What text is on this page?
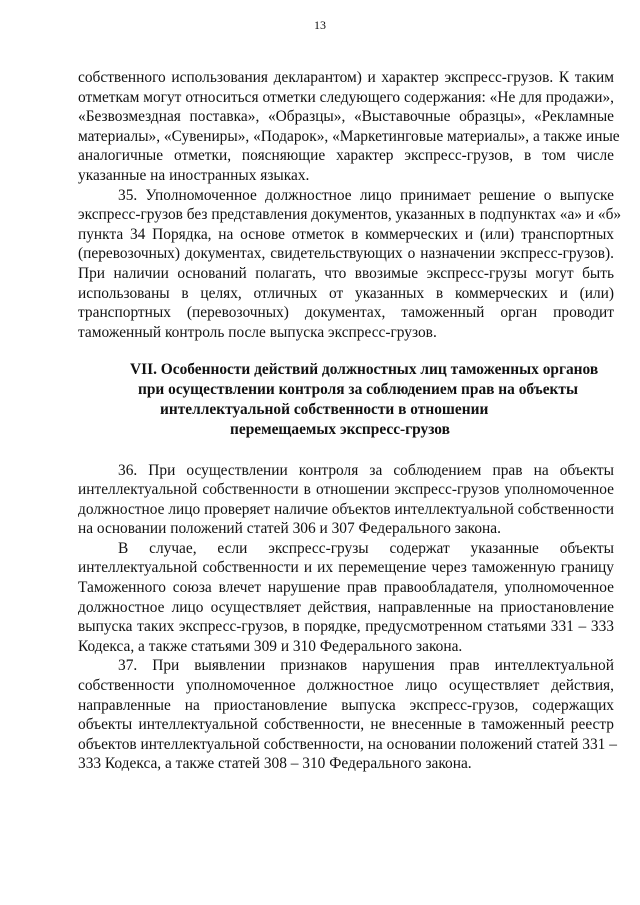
13
собственного использования декларантом) и характер экспресс-грузов. К таким
отметкам могут относиться отметки следующего содержания: «Не для продажи»,
«Безвозмездная поставка», «Образцы», «Выставочные образцы», «Рекламные
материалы», «Сувениры», «Подарок», «Маркетинговые материалы», а также иные
аналогичные отметки, поясняющие характер экспресс-грузов, в том числе
указанные на иностранных языках.
35. Уполномоченное должностное лицо принимает решение о выпуске
экспресс-грузов без представления документов, указанных в подпунктах «а» и «б»
пункта 34 Порядка, на основе отметок в коммерческих и (или) транспортных
(перевозочных) документах, свидетельствующих о назначении экспресс-грузов).
При наличии оснований полагать, что ввозимые экспресс-грузы могут быть
использованы в целях, отличных от указанных в коммерческих и (или)
транспортных (перевозочных) документах, таможенный орган проводит
таможенный контроль после выпуска экспресс-грузов.
VII. Особенности действий должностных лиц таможенных органов
при осуществлении контроля за соблюдением прав на объекты
интеллектуальной собственности в отношении
перемещаемых экспресс-грузов
36. При осуществлении контроля за соблюдением прав на объекты
интеллектуальной собственности в отношении экспресс-грузов уполномоченное
должностное лицо проверяет наличие объектов интеллектуальной собственности
на основании положений статей 306 и 307 Федерального закона.
В случае, если экспресс-грузы содержат указанные объекты
интеллектуальной собственности и их перемещение через таможенную границу
Таможенного союза влечет нарушение прав правообладателя, уполномоченное
должностное лицо осуществляет действия, направленные на приостановление
выпуска таких экспресс-грузов, в порядке, предусмотренном статьями 331 – 333
Кодекса, а также статьями 309 и 310 Федерального закона.
37. При выявлении признаков нарушения прав интеллектуальной
собственности уполномоченное должностное лицо осуществляет действия,
направленные на приостановление выпуска экспресс-грузов, содержащих
объекты интеллектуальной собственности, не внесенные в таможенный реестр
объектов интеллектуальной собственности, на основании положений статей 331 –
333 Кодекса, а также статей 308 – 310 Федерального закона.
